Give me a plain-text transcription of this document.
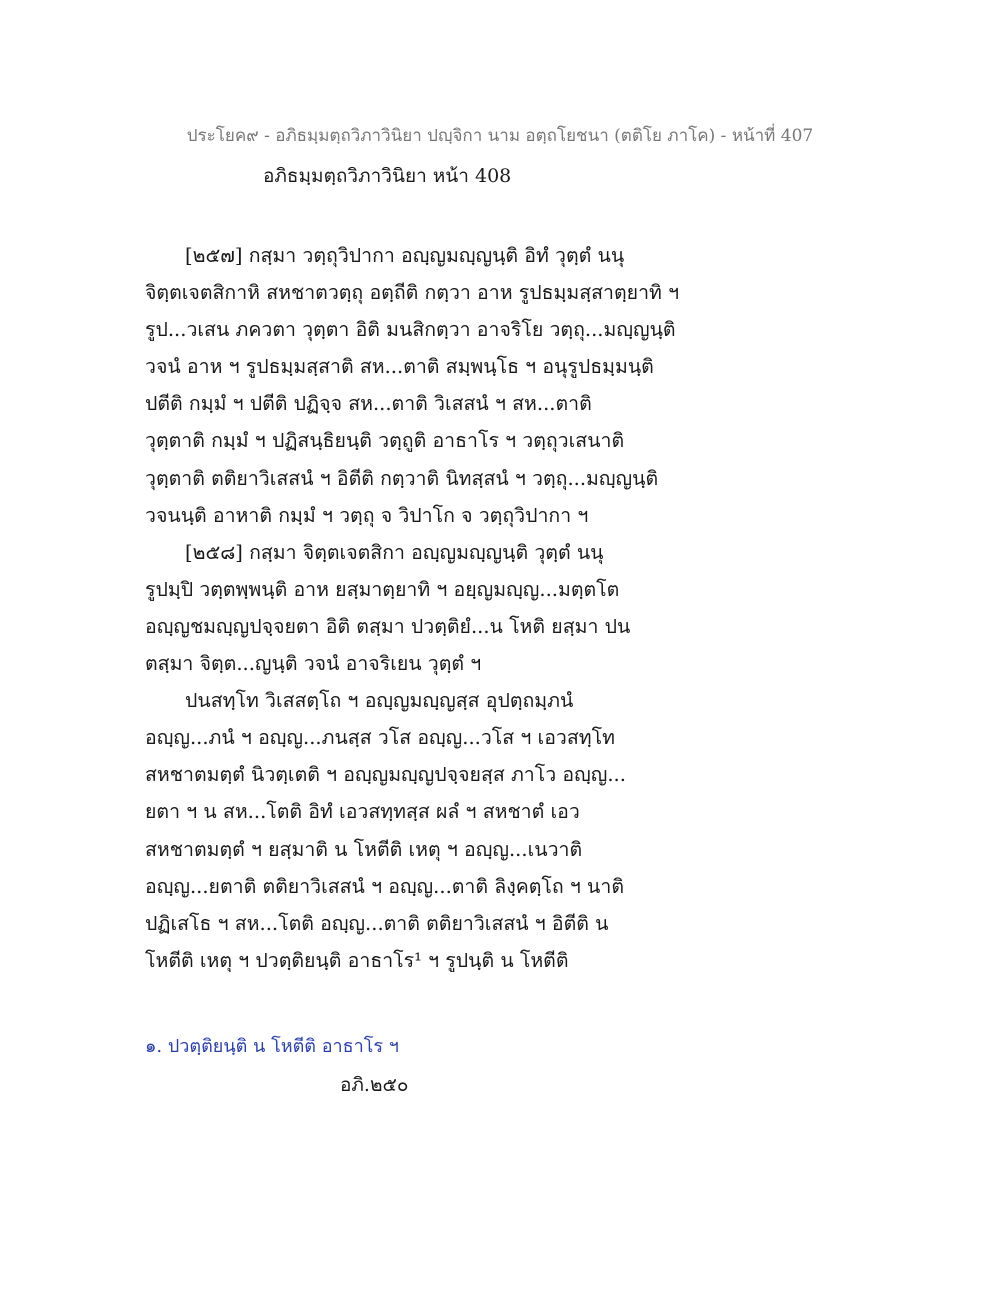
ประโยค๙ - อภิธมฺมตฺถวิภาวินิยา ปญฺจิกา นาม อตฺถโยชนา (ตติโย ภาโค) - หน้าที่ 407
อภิธมฺมตฺถวิภาวินิยา หน้า 408
[๒๕๗] กสฺมา วตฺถุวิปากา อญฺญมญฺญนฺติ อิทํ วุตฺตํ นนุ
จิตฺตเจตสิกาหิ สหชาตวตฺถุ อตฺถีติ กตฺวา อาห รูปธมฺมสฺสาตฺยาทิ ฯ
รูป...วเสน ภควตา วุตฺตา อิติ มนสิกตฺวา อาจริโย วตฺถุ...มญฺญนฺติ
วจนํ อาห ฯ รูปธมฺมสฺสาติ สห...ตาติ สมฺพนฺโธ ฯ อนุรูปธมฺมนฺติ
ปตีติ กมฺมํ ฯ ปตีติ ปฏิจฺจ สห...ตาติ วิเสสนํ ฯ สห...ตาติ
วุตฺตาติ กมฺมํ ฯ ปฏิสนฺธิยนฺติ วตฺถูติ อาธาโร ฯ วตฺถุวเสนาติ
วุตฺตาติ ตติยาวิเสสนํ ฯ อิตีติ กตฺวาติ นิทสฺสนํ ฯ วตฺถุ...มญฺญนฺติ
วจนนฺติ อาหาติ กมฺมํ ฯ วตฺถุ จ วิปาโก จ วตฺถุวิปากา ฯ
[๒๕๘] กสฺมา จิตฺตเจตสิกา อญฺญมญฺญนฺติ วุตฺตํ นนุ
รูปมฺปิ วตฺตพฺพนฺติ อาห ยสฺมาตฺยาทิ ฯ อยฺญมญฺญ...มตฺตโต
อญฺญชมญฺญปจฺจยตา อิติ ตสฺมา ปวตฺติยํ...น โหติ ยสฺมา ปน
ตสฺมา จิตฺต...ญนฺติ วจนํ อาจริเยน วุตฺตํ ฯ
ปนสทฺโท วิเสสตฺโถ ฯ อญฺญมญฺญสฺส อุปตฺถมฺภนํ
อญฺญ...ภนํ ฯ อญฺญ...ภนสฺส วโส อญฺญ...วโส ฯ เอวสทฺโท
สหชาตมตฺตํ นิวตฺเตติ ฯ อญฺญมญฺญปจฺจยสฺส ภาโว อญฺญ...
ยตา ฯ น สห...โตติ อิทํ เอวสทฺทสฺส ผลํ ฯ สหชาตํ เอว
สหชาตมตฺตํ ฯ ยสฺมาติ น โหตีติ เหตุ ฯ อญฺญ...เนวาติ
อญฺญ...ยตาติ ตติยาวิเสสนํ ฯ อญฺญ...ตาติ ลิงฺคตฺโถ ฯ นาติ
ปฏิเสโธ ฯ สห...โตติ อญฺญ...ตาติ ตติยาวิเสสนํ ฯ อิตีติ น
โหตีติ เหตุ ฯ ปวตฺติยนฺติ อาธาโร¹ ฯ รูปนฺติ น โหตีติ
๑. ปวตฺติยนฺติ น โหตีติ อาธาโร ฯ
อภิ.๒๕๐
